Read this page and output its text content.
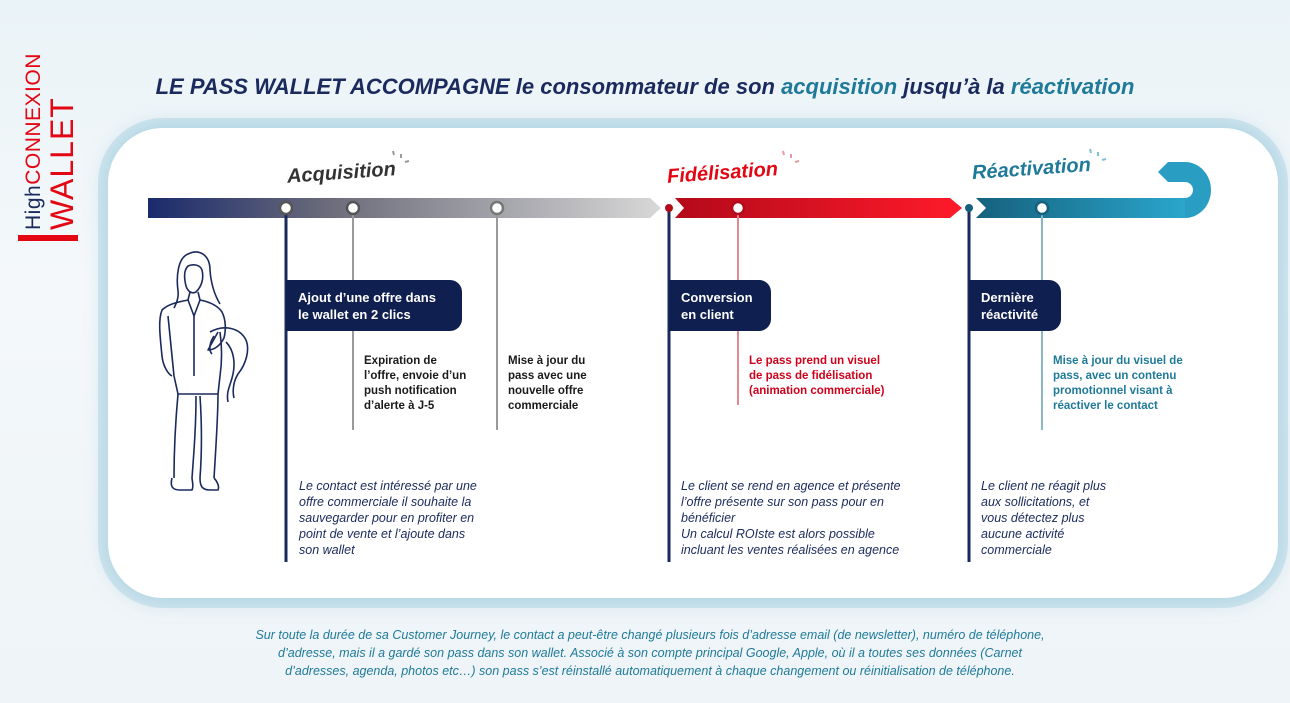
HighCONNEXION WALLET
LE PASS WALLET ACCOMPAGNE le consommateur de son acquisition jusqu’à la réactivation
Acquisition	Fidélisation	Réactivation
Ajout d’une offre dans
le wallet en 2 clics
Conversion
en client
Dernière
réactivité
Expiration de
l’offre, envoie d’un
push notification
d’alerte à J-5
Mise à jour du
pass avec une
nouvelle offre
commerciale
Le pass prend un visuel
de pass de fidélisation
(animation commerciale)
Mise à jour du visuel de
pass, avec un contenu
promotionnel visant à
réactiver le contact
Le contact est intéressé par une
offre commerciale il souhaite la
sauvegarder pour en profiter en
point de vente et l’ajoute dans
son wallet
Le client se rend en agence et présente
l’offre présente sur son pass pour en
bénéficier
Un calcul ROIste est alors possible
incluant les ventes réalisées en agence
Le client ne réagit plus
aux sollicitations, et
vous détectez plus
aucune activité
commerciale
Sur toute la durée de sa Customer Journey, le contact a peut-être changé plusieurs fois d’adresse email (de newsletter), numéro de téléphone,
d’adresse, mais il a gardé son pass dans son wallet. Associé à son compte principal Google, Apple, où il a toutes ses données (Carnet
d’adresses, agenda, photos etc…) son pass s’est réinstallé automatiquement à chaque changement ou réinitialisation de téléphone.
